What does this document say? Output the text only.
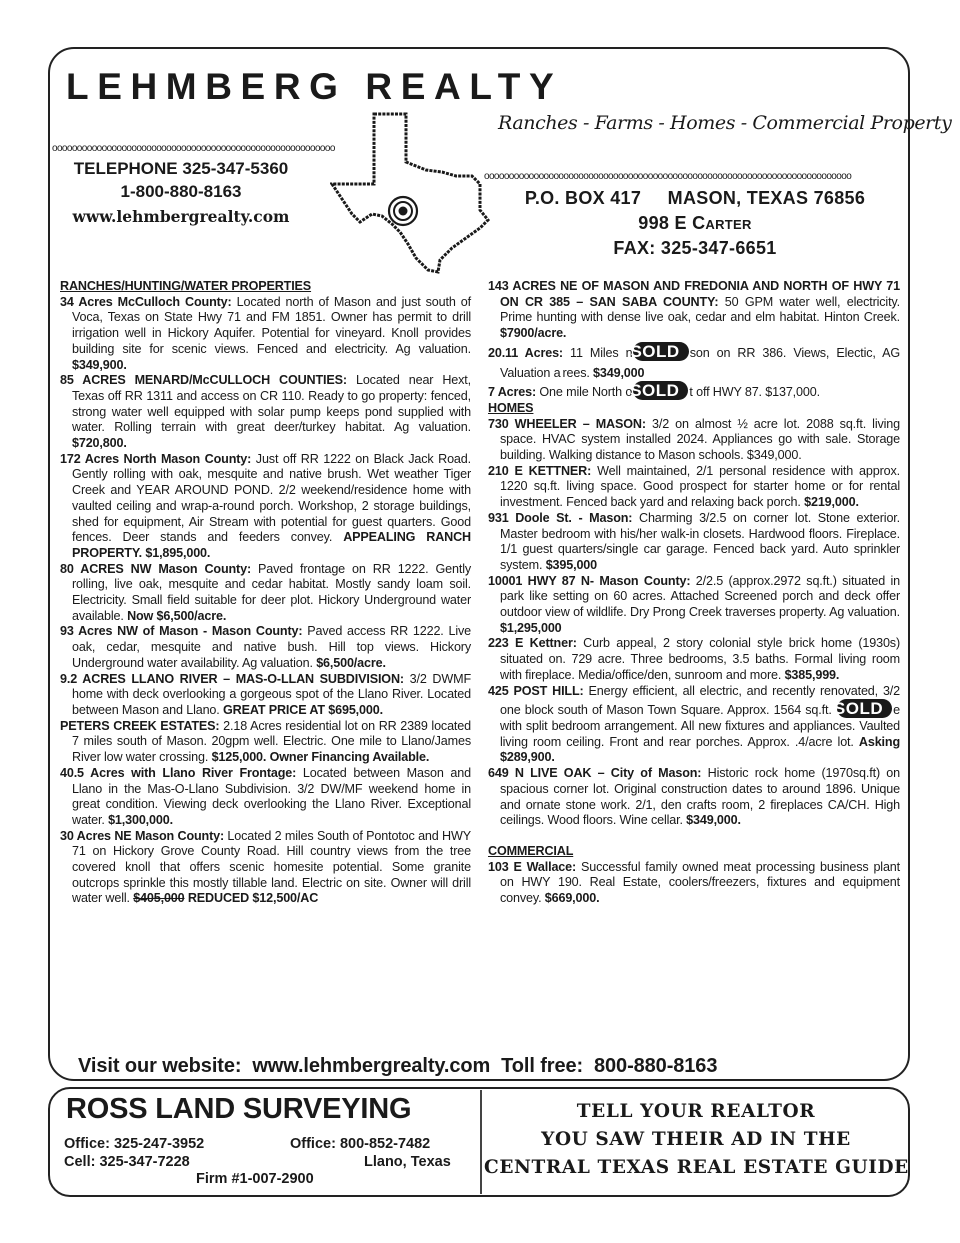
LEHMBERG REALTY
Ranches - Farms - Homes - Commercial Property
ooooooooooooooooooooooooooooooooooooooooooooooooooooooooo
oooooooooooooooooooooooooooooooooooooooooooooooooooooooooooooooooooooooooo
TELEPHONE 325-347-5360
1-800-880-8163
www.lehmbergrealty.com
P.O. BOX 417     MASON, TEXAS 76856
998 E Carter
FAX: 325-347-6651
RANCHES/HUNTING/WATER PROPERTIES

34 Acres McCulloch County: Located north of Mason and just south of Voca, Texas on State Hwy 71 and FM 1851. Owner has permit to drill irrigation well in Hickory Aquifer. Potential for vineyard. Knoll provides building site for scenic views. Fenced and electricity. Ag valuation. $349,900.

85 ACRES MENARD/McCULLOCH COUNTIES: Located near Hext, Texas off RR 1311 and access on CR 110. Ready to go property: fenced, strong water well equipped with solar pump keeps pond supplied with water. Rolling terrain with great deer/turkey habitat. Ag valuation. $720,800.

172 Acres North Mason County: Just off RR 1222 on Black Jack Road. Gently rolling with oak, mesquite and native brush. Wet weather Tiger Creek and YEAR AROUND POND. 2/2 weekend/residence home with vaulted ceiling and wrap-a-round porch. Workshop, 2 storage buildings, shed for equipment, Air Stream with potential for guest quarters. Good fences. Deer stands and feeders convey. APPEALING RANCH PROPERTY. $1,895,000.

80 ACRES NW Mason County: Paved frontage on RR 1222. Gently rolling, live oak, mesquite and cedar habitat. Mostly sandy loam soil. Electricity. Small field suitable for deer plot. Hickory Underground water available. Now $6,500/acre.

93 Acres NW of Mason - Mason County: Paved access RR 1222. Live oak, cedar, mesquite and native bush. Hill top views. Hickory Underground water availability. Ag valuation. $6,500/acre.

9.2 ACRES LLANO RIVER – MAS-O-LLAN SUBDIVISION: 3/2 DWMF home with deck overlooking a gorgeous spot of the Llano River. Located between Mason and Llano. GREAT PRICE AT $695,000.

PETERS CREEK ESTATES: 2.18 Acres residential lot on RR 2389 located 7 miles south of Mason. 20gpm well. Electric. One mile to Llano/James River low water crossing. $125,000. Owner Financing Available.

40.5 Acres with Llano River Frontage: Located between Mason and Llano in the Mas-O-Llano Subdivision. 3/2 DW/MF weekend home in great condition. Viewing deck overlooking the Llano River. Exceptional water. $1,300,000.

30 Acres NE Mason County: Located 2 miles South of Pontotoc and HWY 71 on Hickory Grove County Road. Hill country views from the tree covered knoll that offers scenic homesite potential. Some granite outcrops sprinkle this mostly tillable land. Electric on site. Owner will drill water well. $405,000 REDUCED $12,500/AC

143 ACRES NE OF MASON AND FREDONIA AND NORTH OF HWY 71 ON CR 385 – SAN SABA COUNTY: 50 GPM water well, electricity. Prime hunting with dense live oak, cedar and elm habitat. Hinton Creek. $7900/acre.

20.11 Acres: 11 Miles nSOLD son on RR 386. Views, Electic, AG Valuation a rees. $349,000

7 Acres: One mile North oSOLD t off HWY 87. $137,000.

HOMES

730 WHEELER – MASON: 3/2 on almost ½ acre lot. 2088 sq.ft. living space. HVAC system installed 2024. Appliances go with sale. Storage building. Walking distance to Mason schools. $349,000.

210 E KETTNER: Well maintained, 2/1 personal residence with approx. 1220 sq.ft. living space. Good prospect for starter home or for rental investment. Fenced back yard and relaxing back porch. $219,000.

931 Doole St. - Mason: Charming 3/2.5 on corner lot. Stone exterior. Master bedroom with his/her walk-in closets. Hardwood floors. Fireplace. 1/1 guest quarters/single car garage. Fenced back yard. Auto sprinkler system. $395,000

10001 HWY 87 N- Mason County: 2/2.5 (approx.2972 sq.ft.) situated in park like setting on 60 acres. Attached Screened porch and deck offer outdoor view of wildlife. Dry Prong Creek traverses property. Ag valuation. $1,295,000

223 E Kettner: Curb appeal, 2 story colonial style brick home (1930s) situated on. 729 acre. Three bedrooms, 3.5 baths. Formal living room with fireplace. Media/office/den, sunroom and more. $385,999.

425 POST HILL: Energy efficient, all electric, and recently renovated, 3/2 one block south of Mason Town Square. Approx. 1564 sq.ft. SOLD e with split bedroom arrangement. All new fixtures and appliances. Vaulted living room ceiling. Front and rear porches. Approx. .4/acre lot. Asking $289,900.

649 N LIVE OAK – City of Mason: Historic rock home (1970sq.ft) on spacious corner lot. Original construction dates to around 1896. Unique and ornate stone work. 2/1, den crafts room, 2 fireplaces CA/CH. High ceilings. Wood floors. Wine cellar. $349,000.

COMMERCIAL

103 E Wallace: Successful family owned meat processing business plant on HWY 190. Real Estate, coolers/freezers, fixtures and equipment convey. $669,000.

Visit our website:  www.lehmbergrealty.com  Toll free:  800-880-8163
ROSS LAND SURVEYING
Office: 325-247-3952	Office: 800-852-7482
Cell: 325-347-7228	Llano, Texas
Firm #1-007-2900
TELL YOUR REALTOR
YOU SAW THEIR AD IN THE
CENTRAL TEXAS REAL ESTATE GUIDE
